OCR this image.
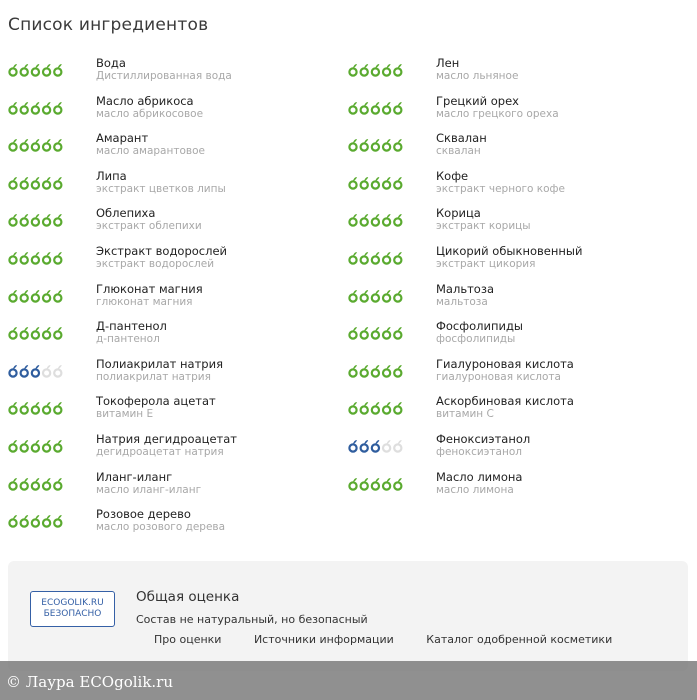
Список ингредиентов
Вода
Дистиллированная вода
Масло абрикоса
масло абрикосовое
Амарант
масло амарантовое
Липа
экстракт цветков липы
Облепиха
экстракт облепихи
Экстракт водорослей
экстракт водорослей
Глюконат магния
глюконат магния
Д-пантенол
д-пантенол
Полиакрилат натрия
полиакрилат натрия
Токоферола ацетат
витамин Е
Натрия дегидроацетат
дегидроацетат натрия
Иланг-иланг
масло иланг-иланг
Розовое дерево
масло розового дерева
Лен
масло льняное
Грецкий орех
масло грецкого ореха
Сквалан
сквалан
Кофе
экстракт черного кофе
Корица
экстракт корицы
Цикорий обыкновенный
экстракт цикория
Мальтоза
мальтоза
Фосфолипиды
фосфолипиды
Гиалуроновая кислота
гиалуроновая кислота
Аскорбиновая кислота
витамин С
Феноксиэтанол
феноксиэтанол
Масло лимона
масло лимона
ECOGOLIK.RU
БЕЗОПАСНО
Общая оценка
Состав не натуральный, но безопасный
Про оценки	Источники информации	Каталог одобренной косметики
© Лаура ECOgolik.ru
